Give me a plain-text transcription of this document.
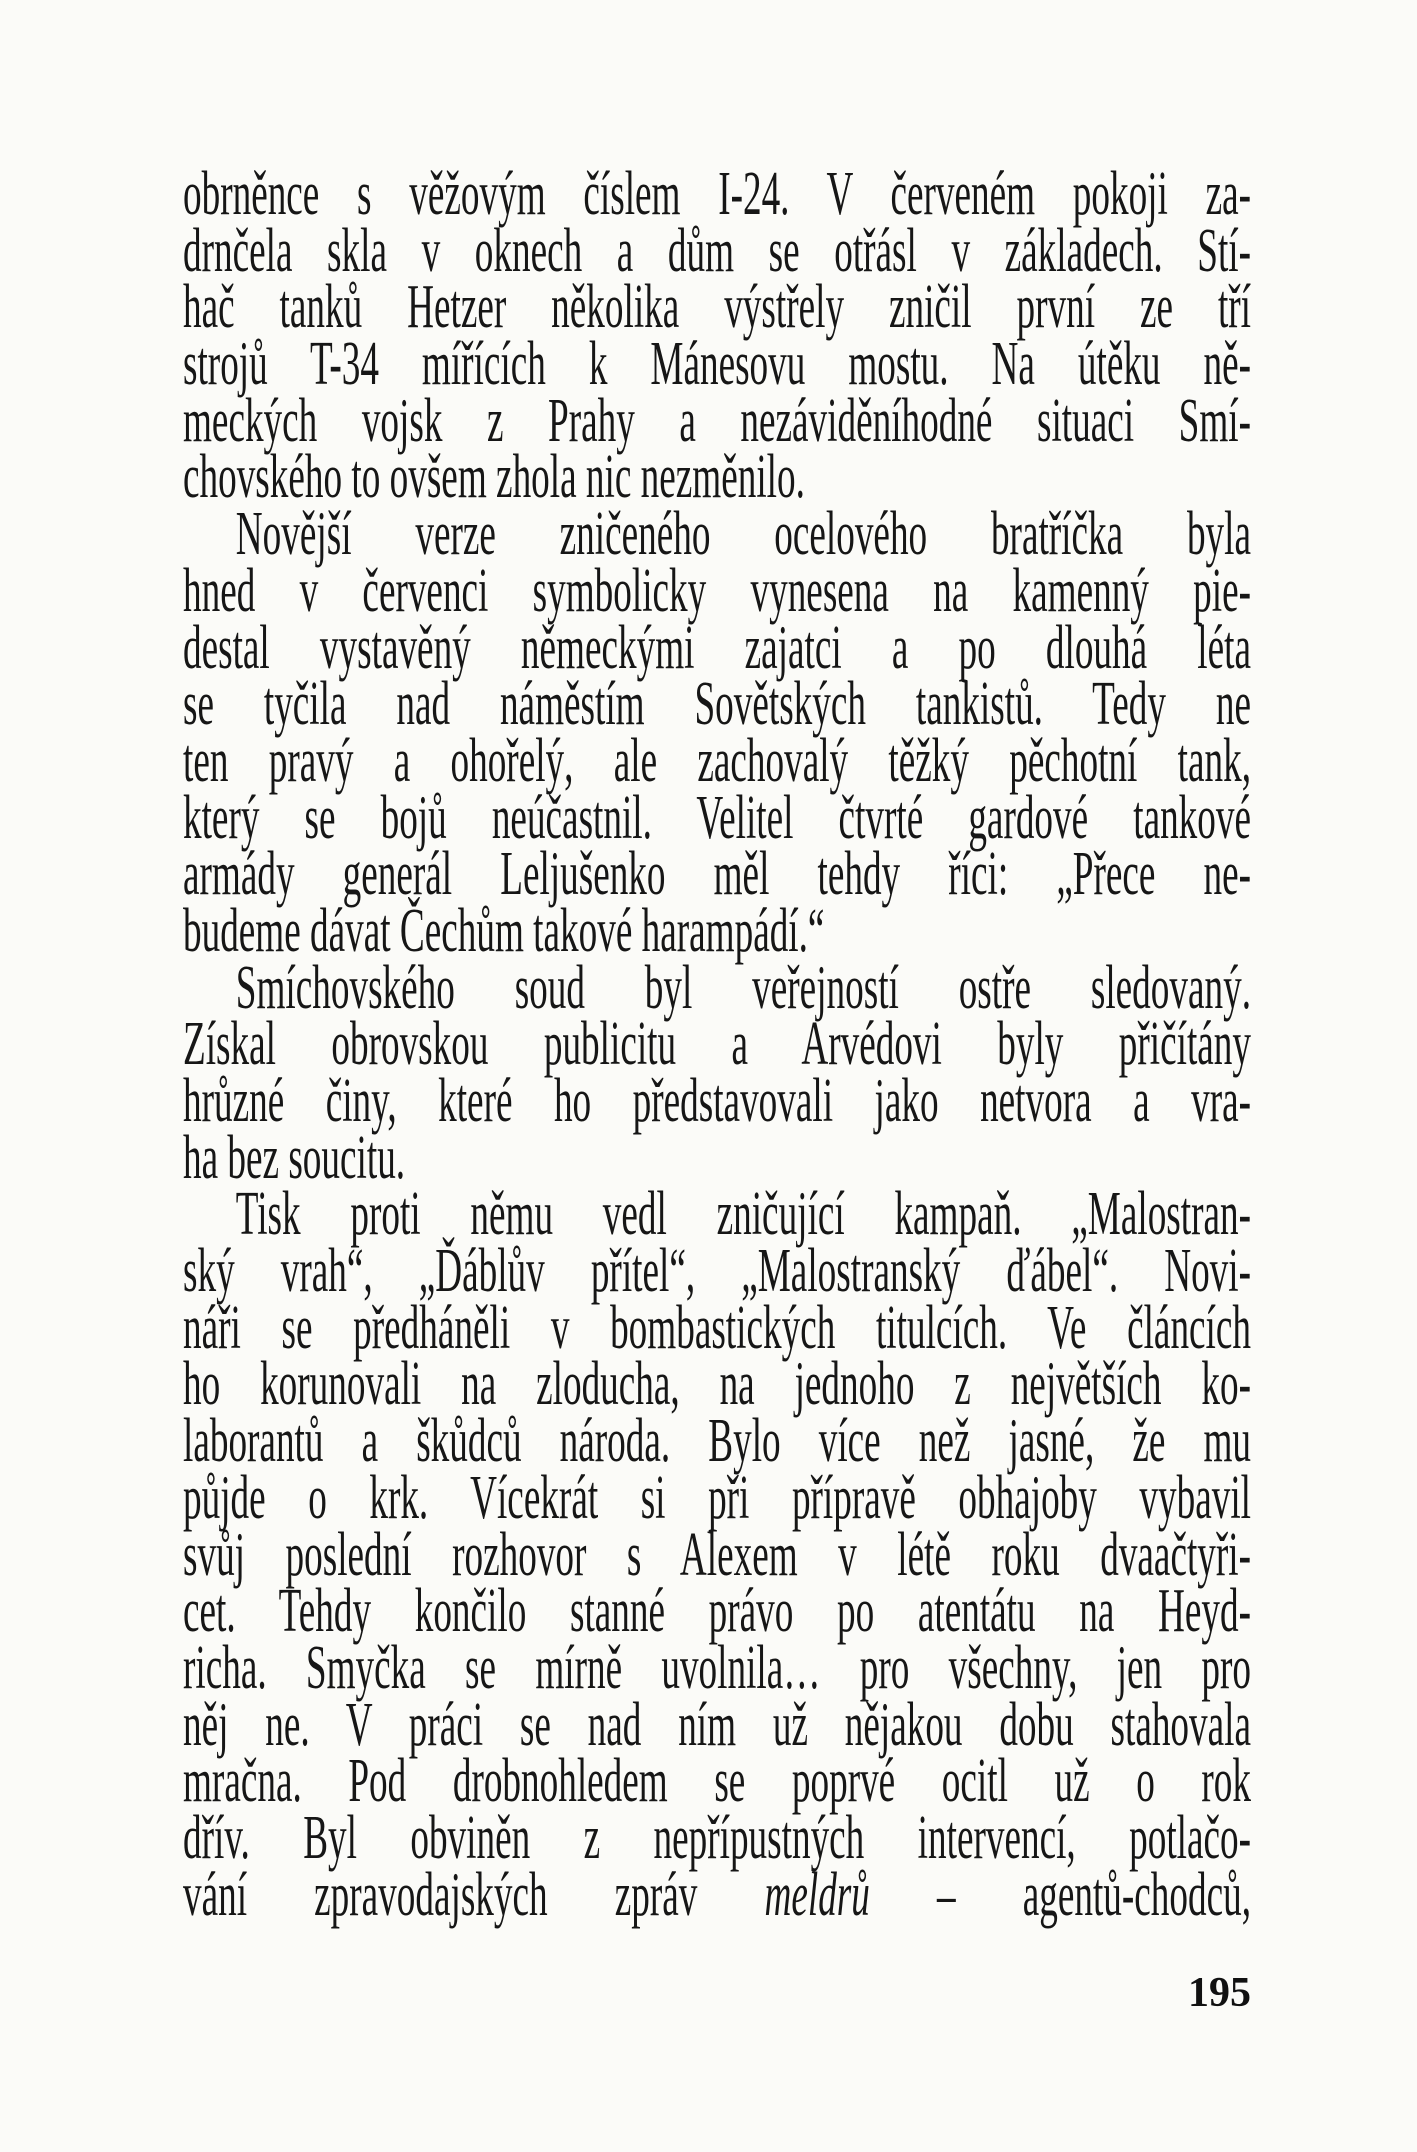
obrněnce s věžovým číslem I-24. V červeném pokoji za-
drnčela skla v oknech a dům se otřásl v základech. Stí-
hač tanků Hetzer několika výstřely zničil první ze tří
strojů T-34 mířících k Mánesovu mostu. Na útěku ně-
meckých vojsk z Prahy a nezáviděníhodné situaci Smí-
chovského to ovšem zhola nic nezměnilo.
Novější verze zničeného ocelového bratříčka byla
hned v červenci symbolicky vynesena na kamenný pie-
destal vystavěný německými zajatci a po dlouhá léta
se tyčila nad náměstím Sovětských tankistů. Tedy ne
ten pravý a ohořelý, ale zachovalý těžký pěchotní tank,
který se bojů neúčastnil. Velitel čtvrté gardové tankové
armády generál Leljušenko měl tehdy říci: „Přece ne-
budeme dávat Čechům takové harampádí.“
Smíchovského soud byl veřejností ostře sledovaný.
Získal obrovskou publicitu a Arvédovi byly přičítány
hrůzné činy, které ho představovali jako netvora a vra-
ha bez soucitu.
Tisk proti němu vedl zničující kampaň. „Malostran-
ský vrah“, „Ďáblův přítel“, „Malostranský ďábel“. Novi-
náři se předháněli v bombastických titulcích. Ve článcích
ho korunovali na zloducha, na jednoho z největších ko-
laborantů a škůdců národa. Bylo více než jasné, že mu
půjde o krk. Vícekrát si při přípravě obhajoby vybavil
svůj poslední rozhovor s Alexem v létě roku dvaačtyři-
cet. Tehdy končilo stanné právo po atentátu na Heyd-
richa. Smyčka se mírně uvolnila… pro všechny, jen pro
něj ne. V práci se nad ním už nějakou dobu stahovala
mračna. Pod drobnohledem se poprvé ocitl už o rok
dřív. Byl obviněn z nepřípustných intervencí, potlačo-
vání zpravodajských zpráv meldrů – agentů-chodců,
195
